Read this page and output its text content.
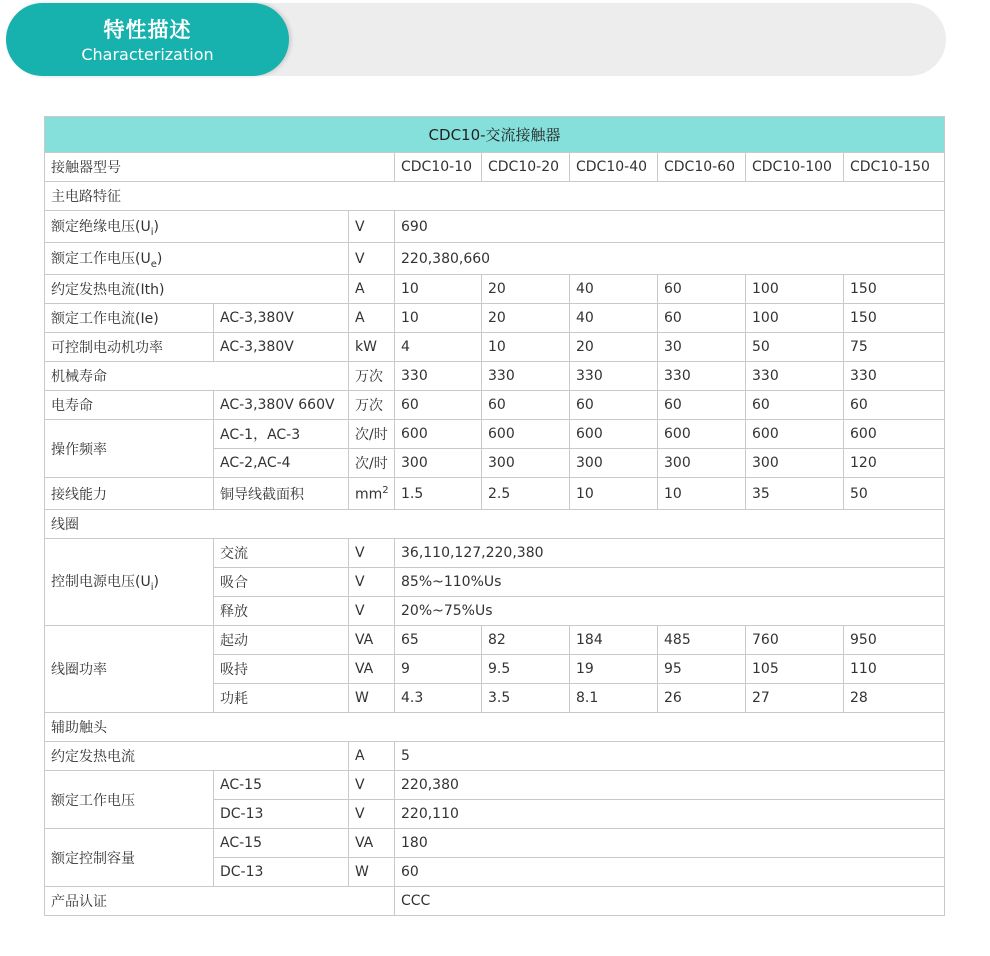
特性描述
Characterization
CDC10-交流接触器								
接触器型号			CDC10-10	CDC10-20	CDC10-40	CDC10-60	CDC10-100	CDC10-150
主电路特征								
额定绝缘电压$(U_i)$		V	690					
额定工作电压$(U_e)$		V	220,380,660					
约定发热电流(Ith)		A	10	20	40	60	100	150
额定工作电流(Ie)	AC-3,380V	A	10	20	40	60	100	150
可控制电动机功率	AC-3,380V	kW	4	10	20	30	50	75
机械寿命		万次	330	330	330	330	330	330
电寿命	AC-3,380V 660V	万次	60	60	60	60	60	60
操作频率	AC-1，AC-3	次/时	600	600	600	600	600	600
	AC-2,AC-4	次/时	300	300	300	300	300	120
接线能力	铜导线截面积	$mm^2$	1.5	2.5	10	10	35	50
线圈								
控制电源电压$(U_i)$	交流	V	36,110,127,220,380					
	吸合	V	85%~110%Us					
	释放	V	20%~75%Us					
线圈功率	起动	VA	65	82	184	485	760	950
	吸持	VA	9	9.5	19	95	105	110
	功耗	W	4.3	3.5	8.1	26	27	28
辅助触头								
约定发热电流		A	5					
额定工作电压	AC-15	V	220,380					
	DC-13	V	220,110					
额定控制容量	AC-15	VA	180					
	DC-13	W	60					
产品认证			CCC					
